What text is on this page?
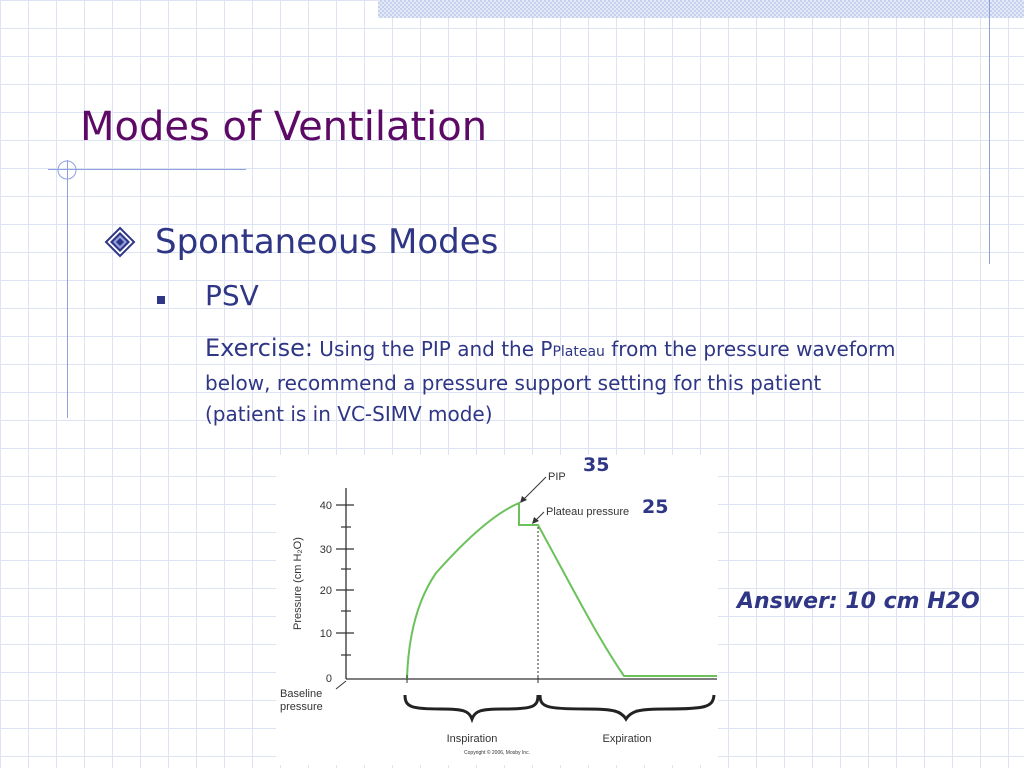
Modes of Ventilation
Spontaneous Modes
PSV
Exercise: Using the PIP and the PPlateau from the pressure waveform below, recommend a pressure support setting for this patient (patient is in VC-SIMV mode)
40
30
20
10
0
Pressure (cm H₂O)
PIP
Plateau pressure
Baseline
pressure
Inspiration	Expiration
Copyright © 2006, Mosby Inc.
35
25
Answer: 10 cm H2O
